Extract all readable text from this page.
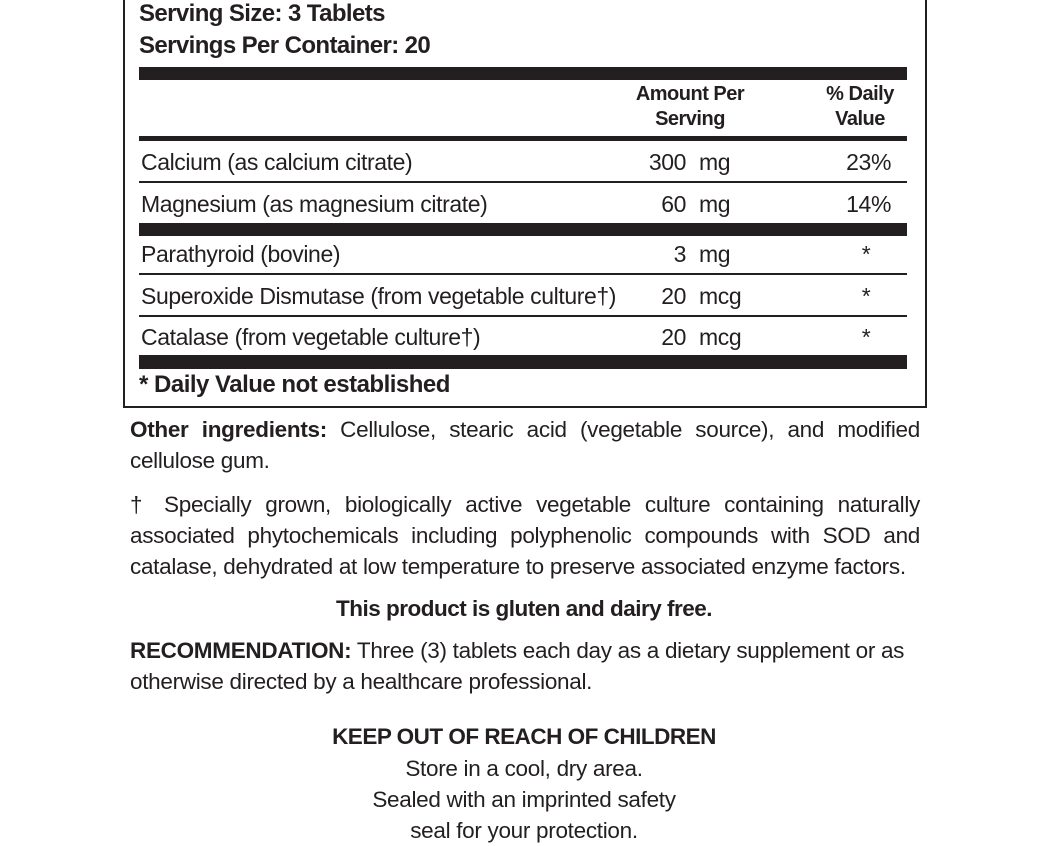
Serving Size: 3 Tablets
Servings Per Container: 20
Amount Per Serving
% Daily Value
Calcium (as calcium citrate)	300 mg	23%
Magnesium (as magnesium citrate)	60 mg	14%
Parathyroid (bovine)	3 mg	*
Superoxide Dismutase (from vegetable culture†) 20 mcg	*
Catalase (from vegetable culture†)	20 mcg	*
* Daily Value not established

Other ingredients: Cellulose, stearic acid (vegetable source), and modified cellulose gum.

† Specially grown, biologically active vegetable culture containing naturally associated phytochemicals including polyphenolic compounds with SOD and catalase, dehydrated at low temperature to preserve associated enzyme factors.

This product is gluten and dairy free.

RECOMMENDATION: Three (3) tablets each day as a dietary supplement or as otherwise directed by a healthcare professional.

KEEP OUT OF REACH OF CHILDREN
Store in a cool, dry area.
Sealed with an imprinted safety
seal for your protection.
